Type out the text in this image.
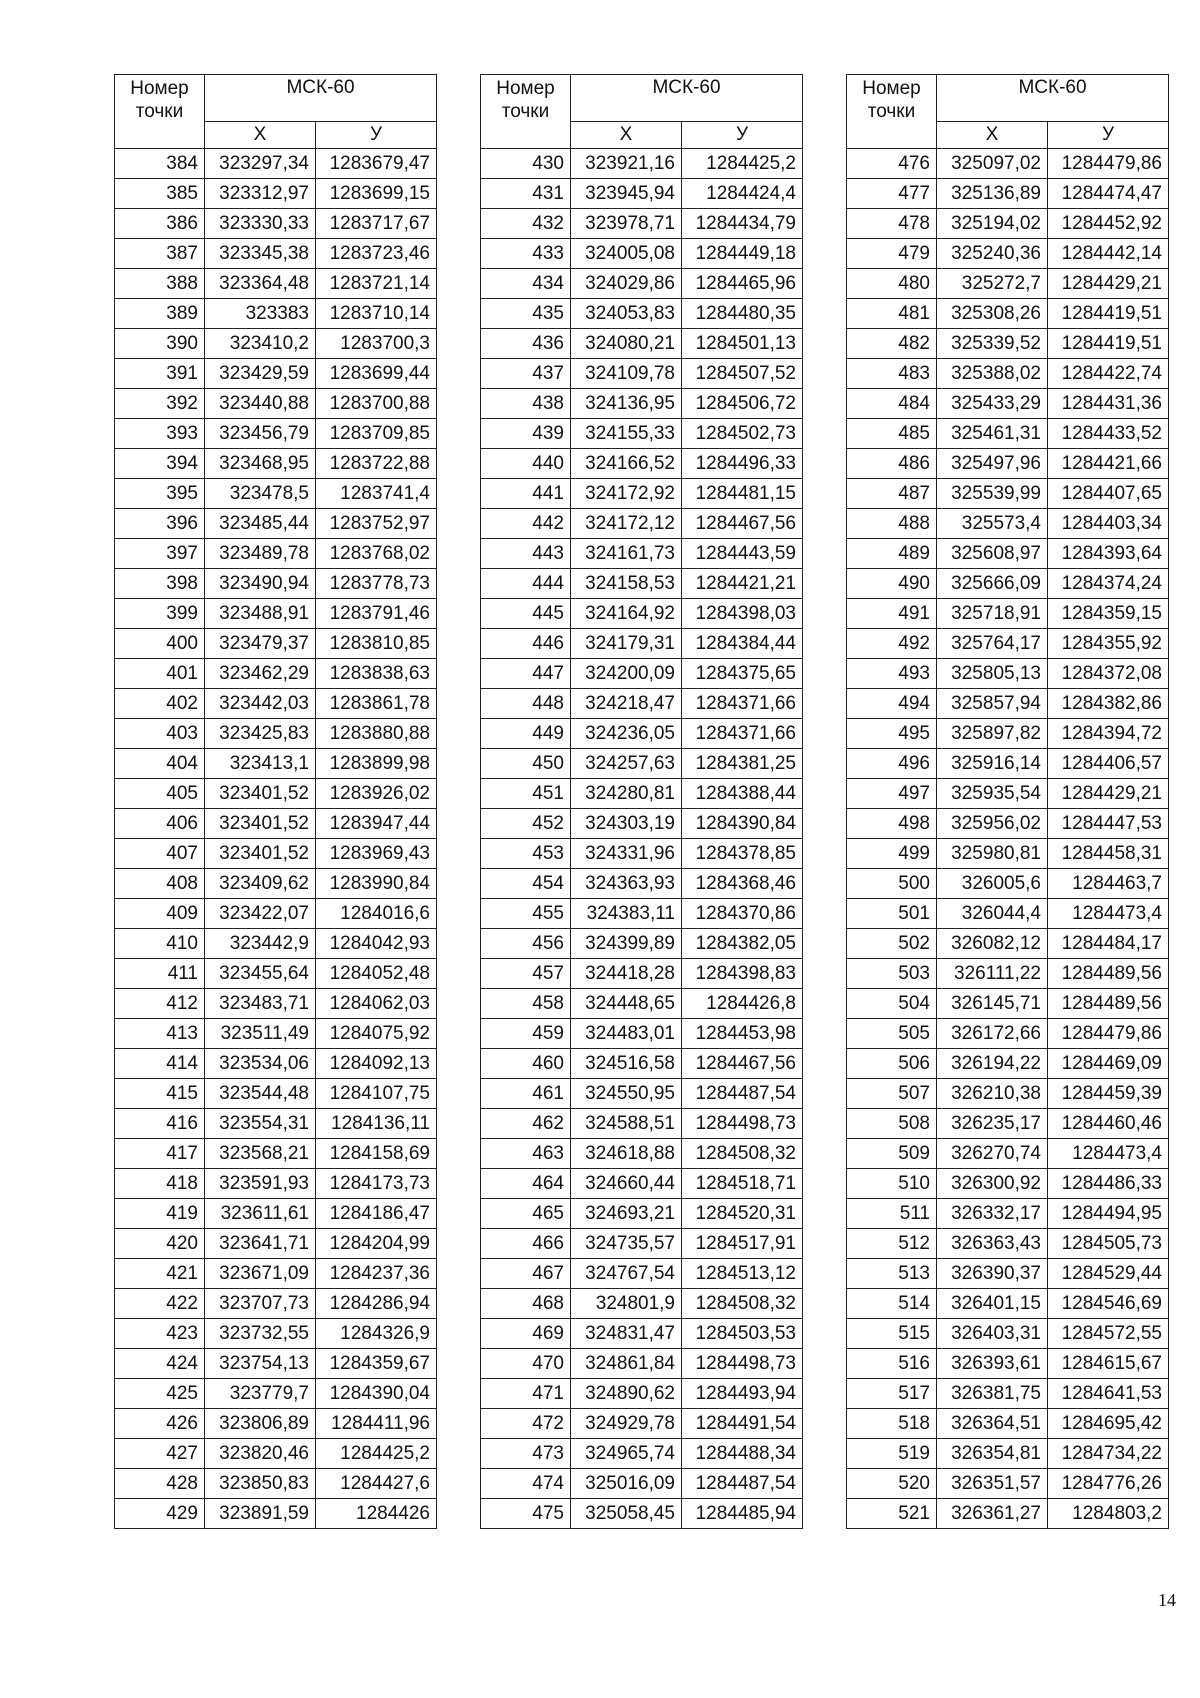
Номер
точки	МСК-60	
	Х	У
384	323297,34	1283679,47
385	323312,97	1283699,15
386	323330,33	1283717,67
387	323345,38	1283723,46
388	323364,48	1283721,14
389	323383	1283710,14
390	323410,2	1283700,3
391	323429,59	1283699,44
392	323440,88	1283700,88
393	323456,79	1283709,85
394	323468,95	1283722,88
395	323478,5	1283741,4
396	323485,44	1283752,97
397	323489,78	1283768,02
398	323490,94	1283778,73
399	323488,91	1283791,46
400	323479,37	1283810,85
401	323462,29	1283838,63
402	323442,03	1283861,78
403	323425,83	1283880,88
404	323413,1	1283899,98
405	323401,52	1283926,02
406	323401,52	1283947,44
407	323401,52	1283969,43
408	323409,62	1283990,84
409	323422,07	1284016,6
410	323442,9	1284042,93
411	323455,64	1284052,48
412	323483,71	1284062,03
413	323511,49	1284075,92
414	323534,06	1284092,13
415	323544,48	1284107,75
416	323554,31	1284136,11
417	323568,21	1284158,69
418	323591,93	1284173,73
419	323611,61	1284186,47
420	323641,71	1284204,99
421	323671,09	1284237,36
422	323707,73	1284286,94
423	323732,55	1284326,9
424	323754,13	1284359,67
425	323779,7	1284390,04
426	323806,89	1284411,96
427	323820,46	1284425,2
428	323850,83	1284427,6
429	323891,59	1284426
Номер
точки	МСК-60	
	Х	У
430	323921,16	1284425,2
431	323945,94	1284424,4
432	323978,71	1284434,79
433	324005,08	1284449,18
434	324029,86	1284465,96
435	324053,83	1284480,35
436	324080,21	1284501,13
437	324109,78	1284507,52
438	324136,95	1284506,72
439	324155,33	1284502,73
440	324166,52	1284496,33
441	324172,92	1284481,15
442	324172,12	1284467,56
443	324161,73	1284443,59
444	324158,53	1284421,21
445	324164,92	1284398,03
446	324179,31	1284384,44
447	324200,09	1284375,65
448	324218,47	1284371,66
449	324236,05	1284371,66
450	324257,63	1284381,25
451	324280,81	1284388,44
452	324303,19	1284390,84
453	324331,96	1284378,85
454	324363,93	1284368,46
455	324383,11	1284370,86
456	324399,89	1284382,05
457	324418,28	1284398,83
458	324448,65	1284426,8
459	324483,01	1284453,98
460	324516,58	1284467,56
461	324550,95	1284487,54
462	324588,51	1284498,73
463	324618,88	1284508,32
464	324660,44	1284518,71
465	324693,21	1284520,31
466	324735,57	1284517,91
467	324767,54	1284513,12
468	324801,9	1284508,32
469	324831,47	1284503,53
470	324861,84	1284498,73
471	324890,62	1284493,94
472	324929,78	1284491,54
473	324965,74	1284488,34
474	325016,09	1284487,54
475	325058,45	1284485,94
Номер
точки	МСК-60	
	Х	У
476	325097,02	1284479,86
477	325136,89	1284474,47
478	325194,02	1284452,92
479	325240,36	1284442,14
480	325272,7	1284429,21
481	325308,26	1284419,51
482	325339,52	1284419,51
483	325388,02	1284422,74
484	325433,29	1284431,36
485	325461,31	1284433,52
486	325497,96	1284421,66
487	325539,99	1284407,65
488	325573,4	1284403,34
489	325608,97	1284393,64
490	325666,09	1284374,24
491	325718,91	1284359,15
492	325764,17	1284355,92
493	325805,13	1284372,08
494	325857,94	1284382,86
495	325897,82	1284394,72
496	325916,14	1284406,57
497	325935,54	1284429,21
498	325956,02	1284447,53
499	325980,81	1284458,31
500	326005,6	1284463,7
501	326044,4	1284473,4
502	326082,12	1284484,17
503	326111,22	1284489,56
504	326145,71	1284489,56
505	326172,66	1284479,86
506	326194,22	1284469,09
507	326210,38	1284459,39
508	326235,17	1284460,46
509	326270,74	1284473,4
510	326300,92	1284486,33
511	326332,17	1284494,95
512	326363,43	1284505,73
513	326390,37	1284529,44
514	326401,15	1284546,69
515	326403,31	1284572,55
516	326393,61	1284615,67
517	326381,75	1284641,53
518	326364,51	1284695,42
519	326354,81	1284734,22
520	326351,57	1284776,26
521	326361,27	1284803,2
14
